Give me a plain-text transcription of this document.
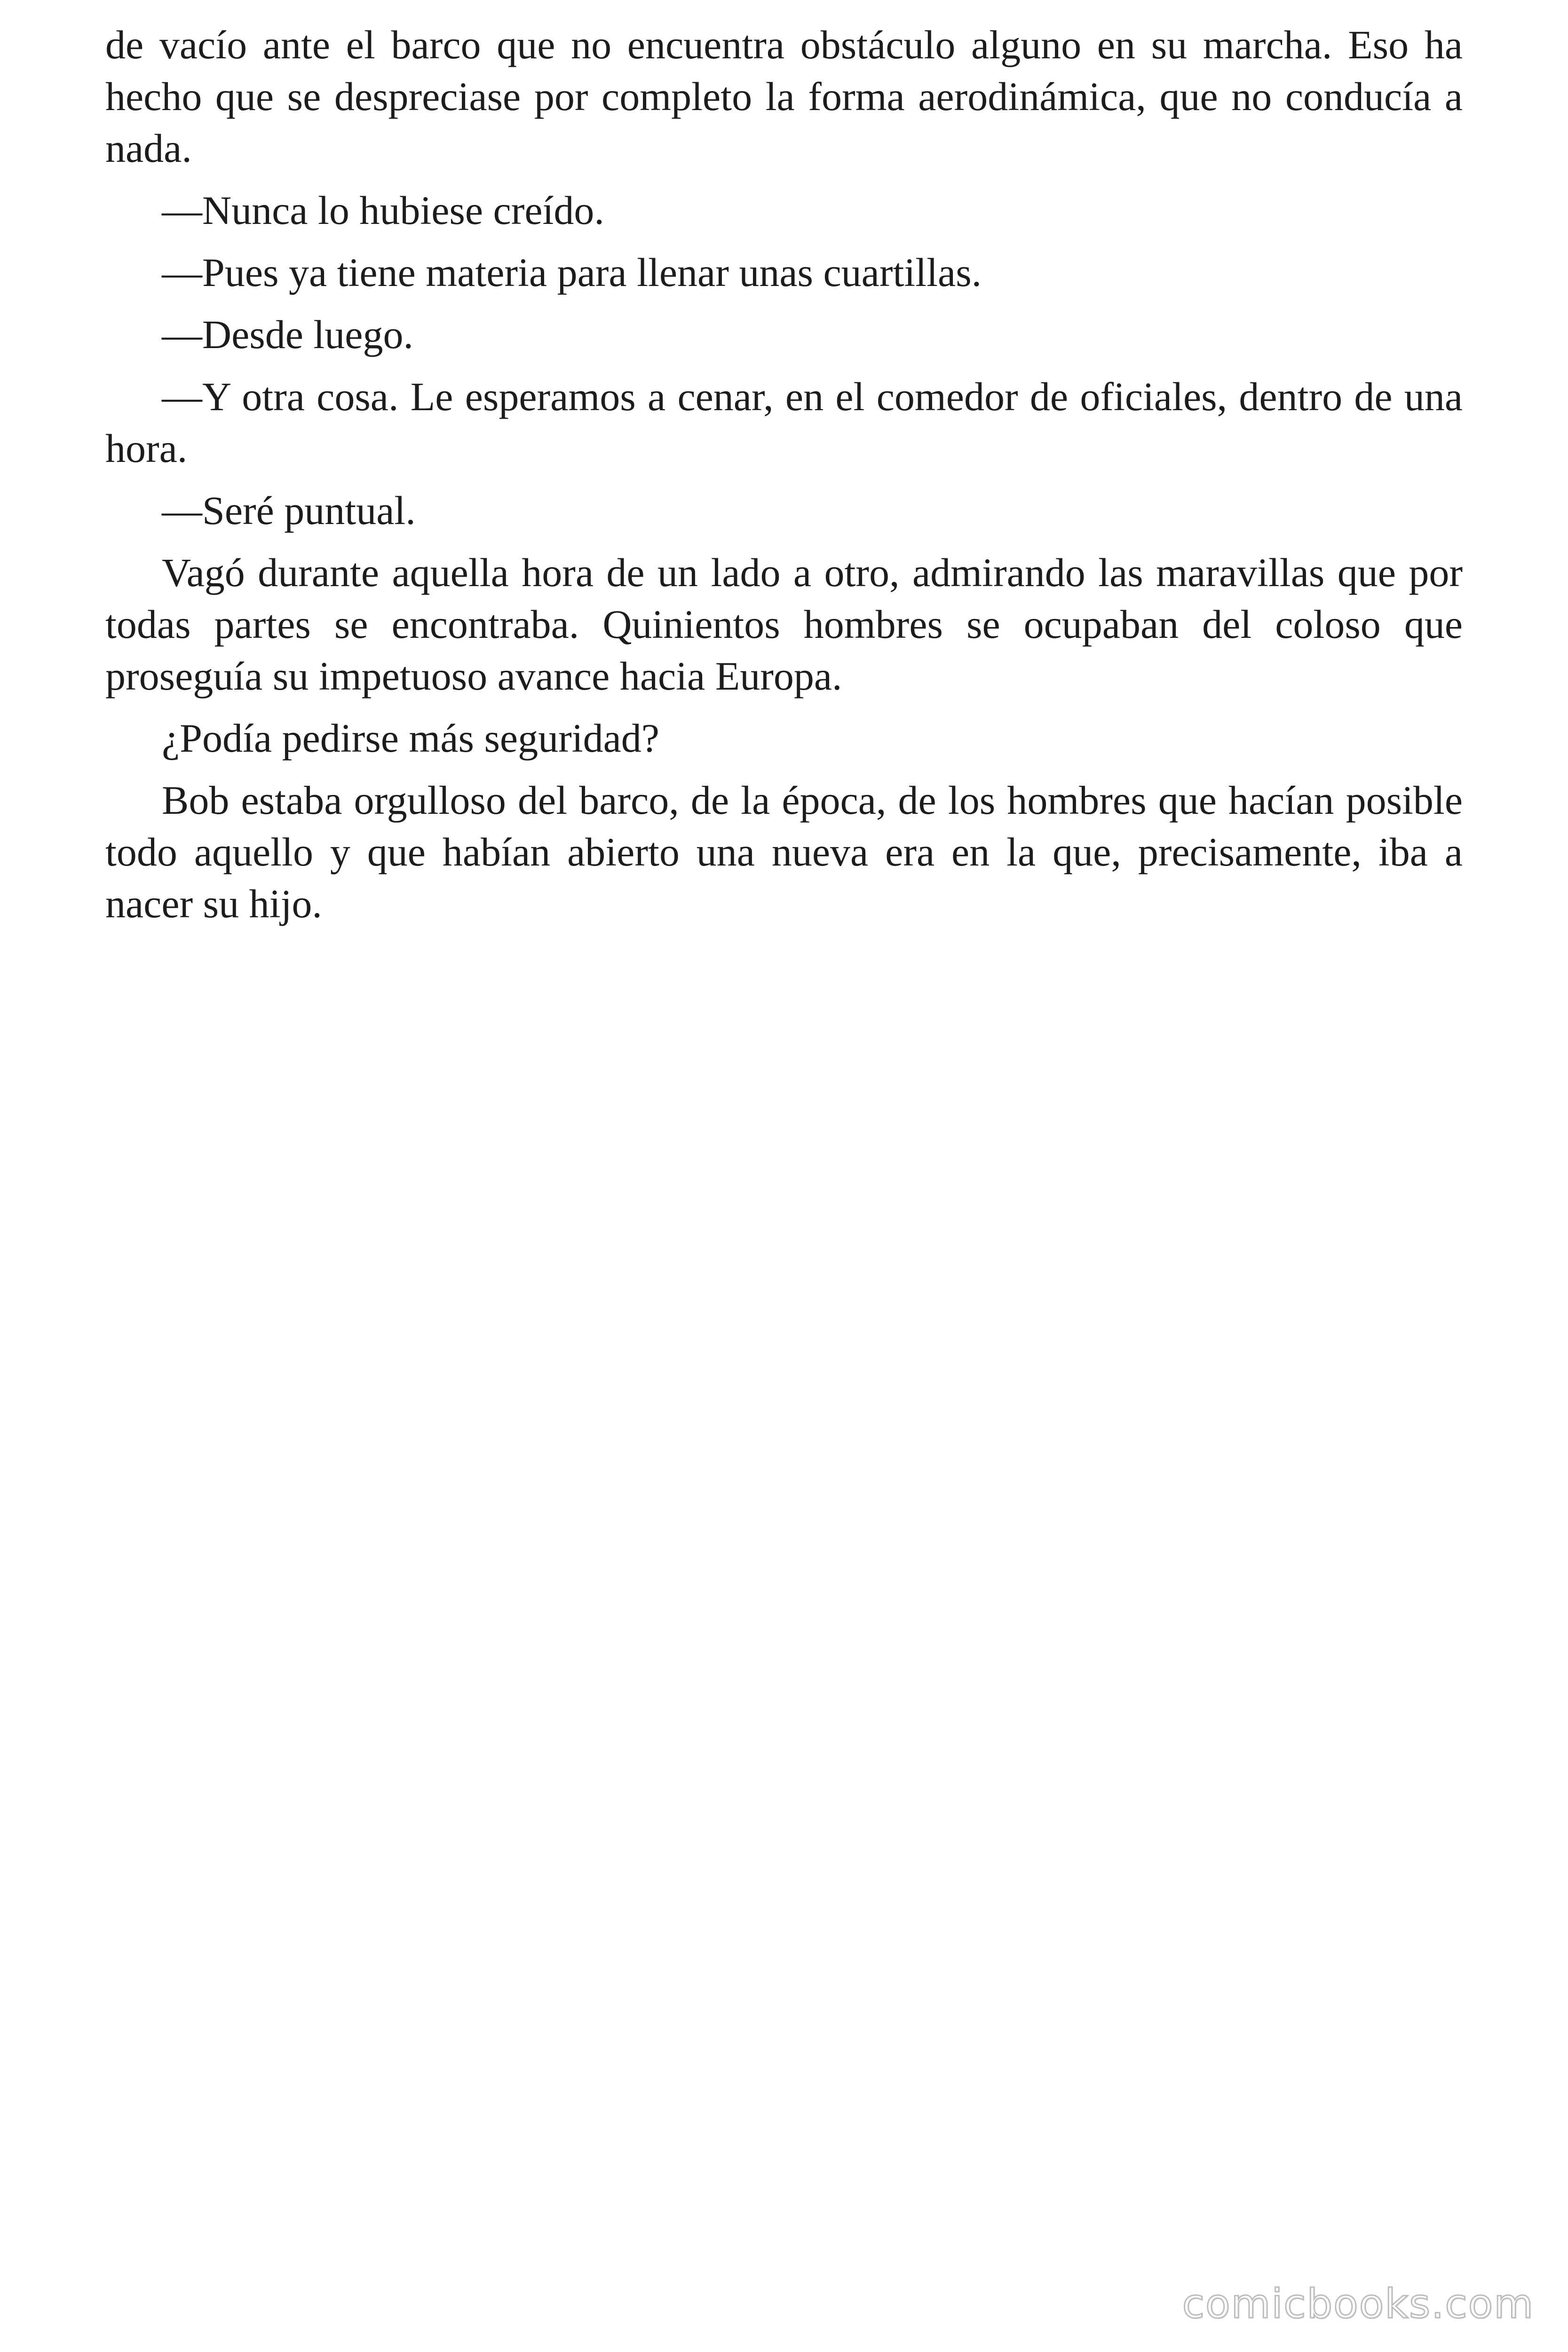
de vacío ante el barco que no encuentra obstáculo alguno en su marcha. Eso ha hecho que se despreciase por completo la forma aerodinámica, que no conducía a nada.

—Nunca lo hubiese creído.

—Pues ya tiene materia para llenar unas cuartillas.

—Desde luego.

—Y otra cosa. Le esperamos a cenar, en el comedor de oficiales, dentro de una hora.

—Seré puntual.

Vagó durante aquella hora de un lado a otro, admirando las maravillas que por todas partes se encontraba. Quinientos hombres se ocupaban del coloso que proseguía su impetuoso avance hacia Europa.

¿Podía pedirse más seguridad?

Bob estaba orgulloso del barco, de la época, de los hombres que hacían posible todo aquello y que habían abierto una nueva era en la que, precisamente, iba a nacer su hijo.

comicbooks.com
